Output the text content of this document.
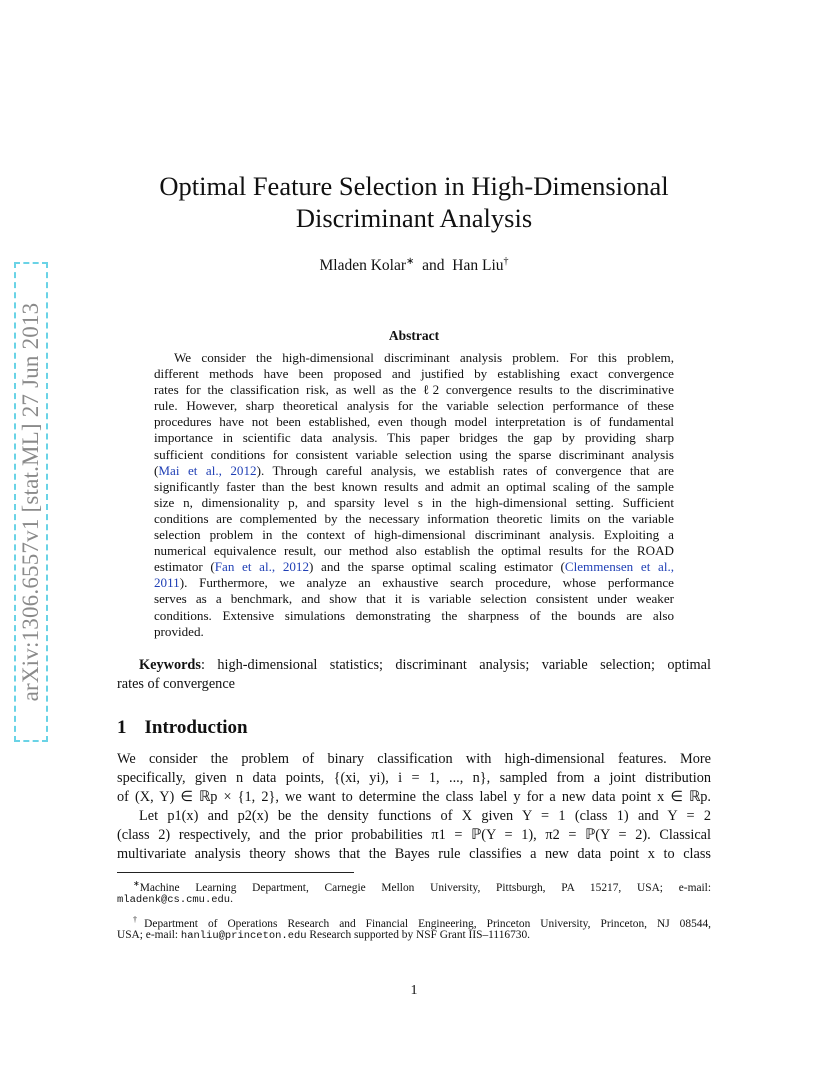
arXiv:1306.6557v1 [stat.ML] 27 Jun 2013
Optimal Feature Selection in High-Dimensional
Discriminant Analysis
Mladen Kolar∗ and Han Liu†
Abstract
We consider the high-dimensional discriminant analysis problem. For this problem,
different methods have been proposed and justified by establishing exact convergence
rates for the classification risk, as well as the ℓ2 convergence results to the discriminative
rule. However, sharp theoretical analysis for the variable selection performance of these
procedures have not been established, even though model interpretation is of fundamental
importance in scientific data analysis. This paper bridges the gap by providing sharp
sufficient conditions for consistent variable selection using the sparse discriminant analysis
(Mai et al., 2012). Through careful analysis, we establish rates of convergence that are
significantly faster than the best known results and admit an optimal scaling of the sample
size n, dimensionality p, and sparsity level s in the high-dimensional setting. Sufficient
conditions are complemented by the necessary information theoretic limits on the variable
selection problem in the context of high-dimensional discriminant analysis. Exploiting a
numerical equivalence result, our method also establish the optimal results for the ROAD
estimator (Fan et al., 2012) and the sparse optimal scaling estimator (Clemmensen et al.,
2011). Furthermore, we analyze an exhaustive search procedure, whose performance
serves as a benchmark, and show that it is variable selection consistent under weaker
conditions. Extensive simulations demonstrating the sharpness of the bounds are also
provided.
Keywords: high-dimensional statistics; discriminant analysis; variable selection; optimal
rates of convergence
1 Introduction
We consider the problem of binary classification with high-dimensional features. More
specifically, given n data points, {(xi, yi), i = 1, ..., n}, sampled from a joint distribution
of (X, Y) ∈ ℝp × {1, 2}, we want to determine the class label y for a new data point x ∈ ℝp.
Let p1(x) and p2(x) be the density functions of X given Y = 1 (class 1) and Y = 2
(class 2) respectively, and the prior probabilities π1 = ℙ(Y = 1), π2 = ℙ(Y = 2). Classical
multivariate analysis theory shows that the Bayes rule classifies a new data point x to class
∗Machine Learning Department, Carnegie Mellon University, Pittsburgh, PA 15217, USA; e-mail:
mladenk@cs.cmu.edu.
†Department of Operations Research and Financial Engineering, Princeton University, Princeton, NJ 08544,
USA; e-mail: hanliu@princeton.edu Research supported by NSF Grant IIS–1116730.
1
